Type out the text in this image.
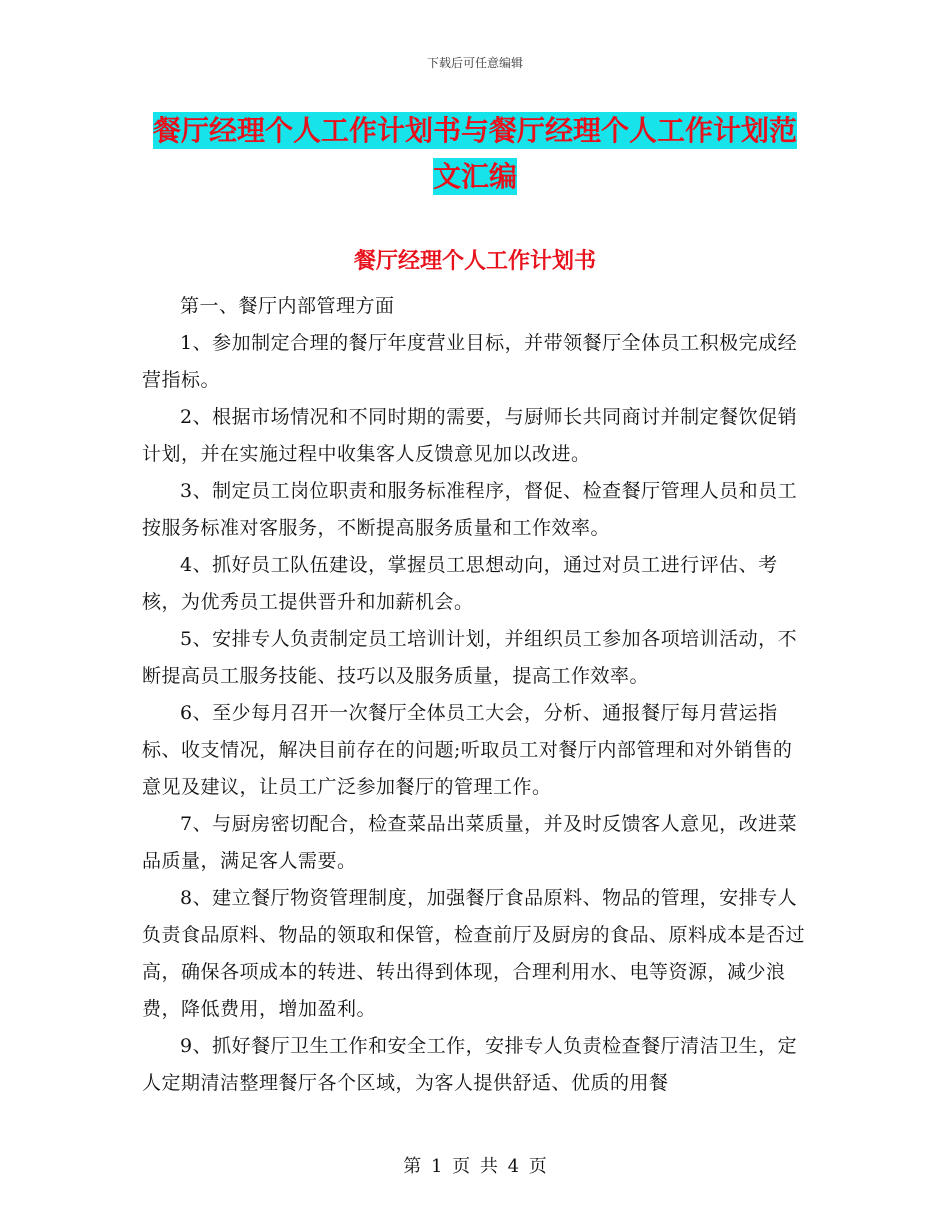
下载后可任意编辑
餐厅经理个人工作计划书与餐厅经理个人工作计划范
文汇编
餐厅经理个人工作计划书

第一、餐厅内部管理方面

1、参加制定合理的餐厅年度营业目标，并带领餐厅全体员工积极完成经营指标。

2、根据市场情况和不同时期的需要，与厨师长共同商讨并制定餐饮促销计划，并在实施过程中收集客人反馈意见加以改进。

3、制定员工岗位职责和服务标准程序，督促、检查餐厅管理人员和员工按服务标准对客服务，不断提高服务质量和工作效率。

4、抓好员工队伍建设，掌握员工思想动向，通过对员工进行评估、考核，为优秀员工提供晋升和加薪机会。

5、安排专人负责制定员工培训计划，并组织员工参加各项培训活动，不断提高员工服务技能、技巧以及服务质量，提高工作效率。

6、至少每月召开一次餐厅全体员工大会，分析、通报餐厅每月营运指标、收支情况，解决目前存在的问题;听取员工对餐厅内部管理和对外销售的意见及建议，让员工广泛参加餐厅的管理工作。

7、与厨房密切配合，检查菜品出菜质量，并及时反馈客人意见，改进菜品质量，满足客人需要。

8、建立餐厅物资管理制度，加强餐厅食品原料、物品的管理，安排专人负责食品原料、物品的领取和保管，检查前厅及厨房的食品、原料成本是否过高，确保各项成本的转进、转出得到体现，合理利用水、电等资源，减少浪费，降低费用，增加盈利。

9、抓好餐厅卫生工作和安全工作，安排专人负责检查餐厅清洁卫生，定人定期清洁整理餐厅各个区域，为客人提供舒适、优质的用餐

第 1 页 共 4 页
